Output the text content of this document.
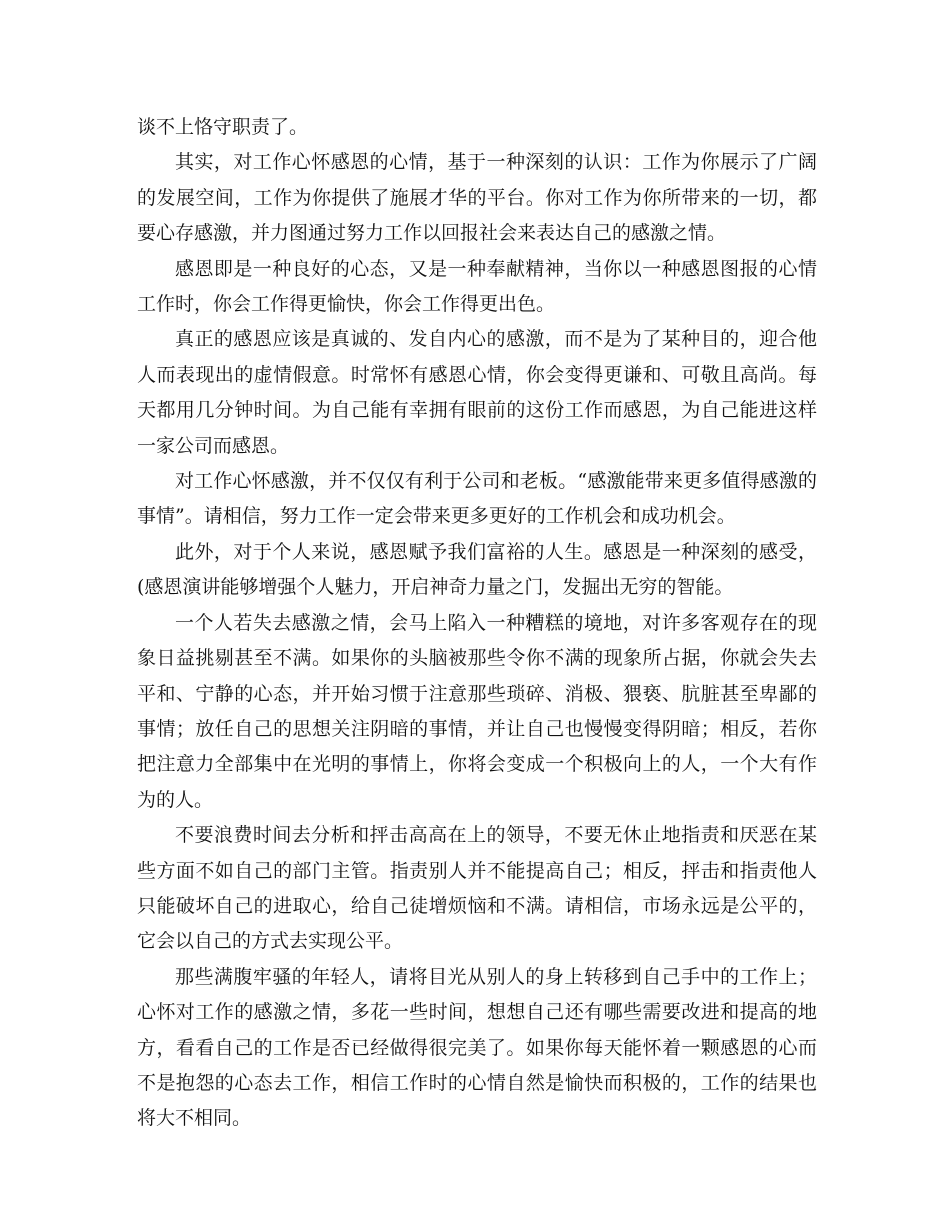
谈不上恪守职责了。

其实，对工作心怀感恩的心情，基于一种深刻的认识：工作为你展示了广阔的发展空间，工作为你提供了施展才华的平台。你对工作为你所带来的一切，都要心存感激，并力图通过努力工作以回报社会来表达自己的感激之情。

感恩即是一种良好的心态，又是一种奉献精神，当你以一种感恩图报的心情工作时，你会工作得更愉快，你会工作得更出色。

真正的感恩应该是真诚的、发自内心的感激，而不是为了某种目的，迎合他人而表现出的虚情假意。时常怀有感恩心情，你会变得更谦和、可敬且高尚。每天都用几分钟时间。为自己能有幸拥有眼前的这份工作而感恩，为自己能进这样一家公司而感恩。

对工作心怀感激，并不仅仅有利于公司和老板。“感激能带来更多值得感激的事情”。请相信，努力工作一定会带来更多更好的工作机会和成功机会。

此外，对于个人来说，感恩赋予我们富裕的人生。感恩是一种深刻的感受，(感恩演讲能够增强个人魅力，开启神奇力量之门，发掘出无穷的智能。

一个人若失去感激之情，会马上陷入一种糟糕的境地，对许多客观存在的现象日益挑剔甚至不满。如果你的头脑被那些令你不满的现象所占据，你就会失去平和、宁静的心态，并开始习惯于注意那些琐碎、消极、猥亵、肮脏甚至卑鄙的事情；放任自己的思想关注阴暗的事情，并让自己也慢慢变得阴暗；相反，若你把注意力全部集中在光明的事情上，你将会变成一个积极向上的人，一个大有作为的人。

不要浪费时间去分析和抨击高高在上的领导，不要无休止地指责和厌恶在某些方面不如自己的部门主管。指责别人并不能提高自己；相反，抨击和指责他人只能破坏自己的进取心，给自己徒增烦恼和不满。请相信，市场永远是公平的，它会以自己的方式去实现公平。

那些满腹牢骚的年轻人，请将目光从别人的身上转移到自己手中的工作上；心怀对工作的感激之情，多花一些时间，想想自己还有哪些需要改进和提高的地方，看看自己的工作是否已经做得很完美了。如果你每天能怀着一颗感恩的心而不是抱怨的心态去工作，相信工作时的心情自然是愉快而积极的，工作的结果也将大不相同。
